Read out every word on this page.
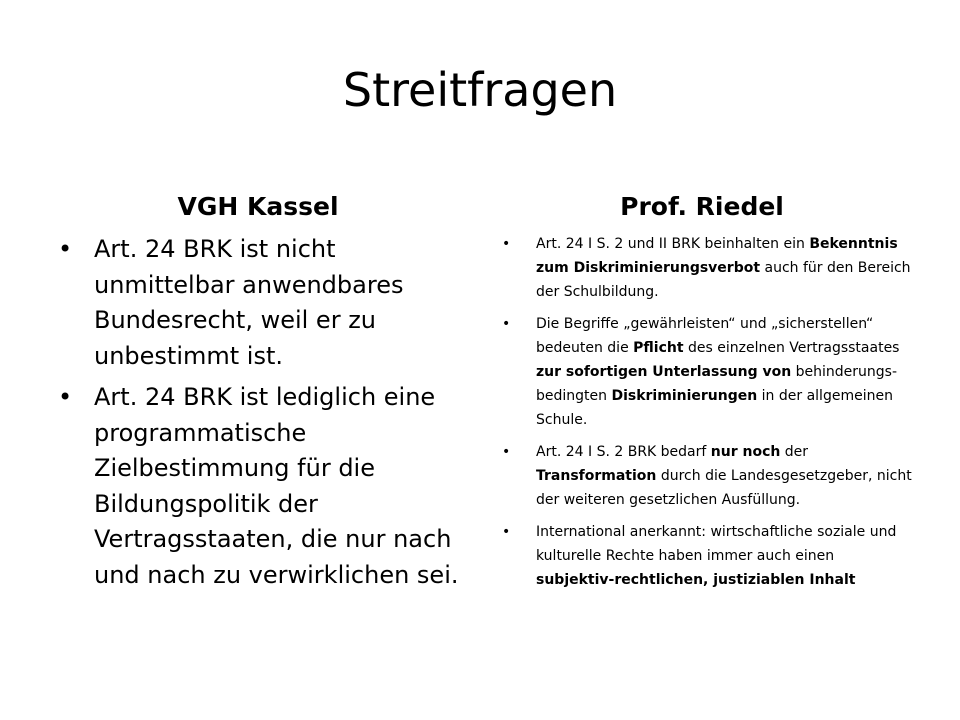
Streitfragen
VGH Kassel
• Art. 24 BRK ist nicht unmittelbar anwendbares Bundesrecht, weil er zu unbestimmt ist.
• Art. 24 BRK ist lediglich eine programmatische Zielbestimmung für die Bildungspolitik der Vertragsstaaten, die nur nach und nach zu verwirklichen sei.
Prof. Riedel
• Art. 24 I S. 2 und II BRK beinhalten ein Bekenntnis zum Diskriminierungsverbot auch für den Bereich der Schulbildung.
• Die Begriffe „gewährleisten“ und „sicherstellen“ bedeuten die Pflicht des einzelnen Vertragsstaates zur sofortigen Unterlassung von behinderungs-bedingten Diskriminierungen in der allgemeinen Schule.
• Art. 24 I S. 2 BRK bedarf nur noch der Transformation durch die Landesgesetzgeber, nicht der weiteren gesetzlichen Ausfüllung.
• International anerkannt: wirtschaftliche soziale und kulturelle Rechte haben immer auch einen subjektiv-rechtlichen, justiziablen Inhalt
